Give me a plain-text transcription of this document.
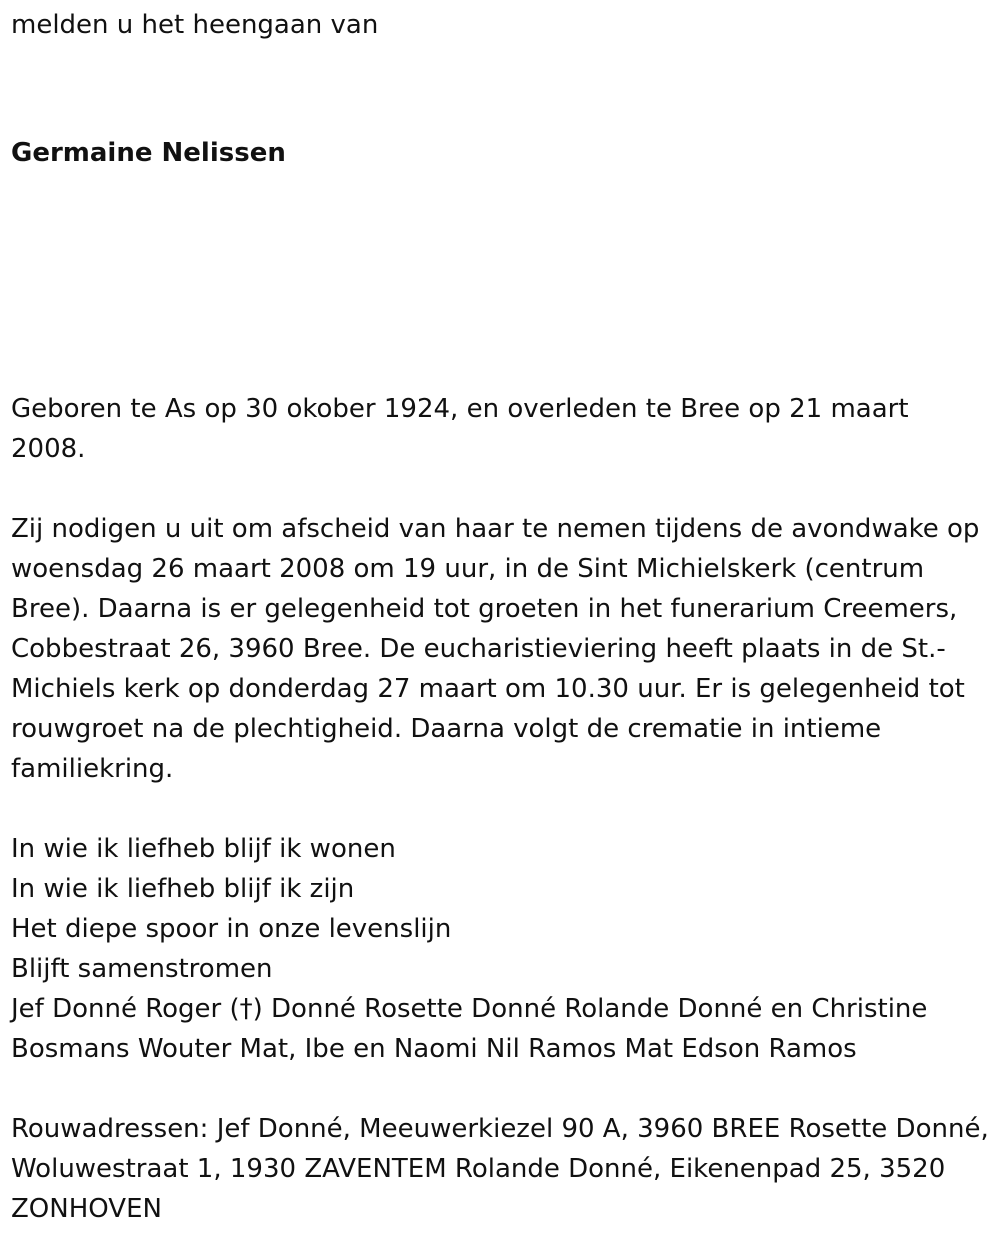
melden u het heengaan van

Germaine Nelissen

Geboren te As op 30 okober 1924, en overleden te Bree op 21 maart 2008.

Zij nodigen u uit om afscheid van haar te nemen tijdens de avondwake op woensdag 26 maart 2008 om 19 uur, in de Sint Michielskerk (centrum Bree). Daarna is er gelegenheid tot groeten in het funerarium Creemers, Cobbestraat 26, 3960 Bree. De eucharistieviering heeft plaats in de St.-Michiels kerk op donderdag 27 maart om 10.30 uur. Er is gelegenheid tot rouwgroet na de plechtigheid. Daarna volgt de crematie in intieme familiekring.

In wie ik liefheb blijf ik wonen
In wie ik liefheb blijf ik zijn
Het diepe spoor in onze levenslijn
Blijft samenstromen
Jef Donné Roger (†) Donné Rosette Donné Rolande Donné en Christine Bosmans Wouter Mat, Ibe en Naomi Nil Ramos Mat Edson Ramos

Rouwadressen: Jef Donné, Meeuwerkiezel 90 A, 3960 BREE Rosette Donné, Woluwestraat 1, 1930 ZAVENTEM Rolande Donné, Eikenenpad 25, 3520 ZONHOVEN
